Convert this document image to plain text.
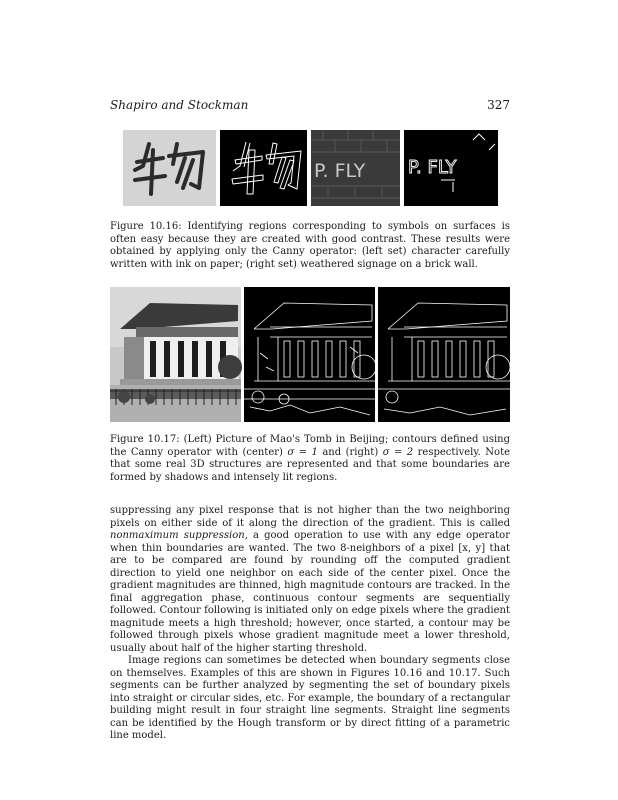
Shapiro and Stockman	327
P. FLY P. FLY
Figure 10.16: Identifying regions corresponding to symbols on surfaces is often easy because they are created with good contrast. These results were obtained by applying only the Canny operator: (left set) character carefully written with ink on paper; (right set) weathered signage on a brick wall.
Figure 10.17: (Left) Picture of Mao's Tomb in Beijing; contours defined using the Canny operator with (center) σ = 1 and (right) σ = 2 respectively. Note that some real 3D structures are represented and that some boundaries are formed by shadows and intensely lit regions.

suppressing any pixel response that is not higher than the two neighboring pixels on either side of it along the direction of the gradient. This is called nonmaximum suppression, a good operation to use with any edge operator when thin boundaries are wanted. The two 8-neighbors of a pixel [x, y] that are to be compared are found by rounding off the computed gradient direction to yield one neighbor on each side of the center pixel. Once the gradient magnitudes are thinned, high magnitude contours are tracked. In the final aggregation phase, continuous contour segments are sequentially followed. Contour following is initiated only on edge pixels where the gradient magnitude meets a high threshold; however, once started, a contour may be followed through pixels whose gradient magnitude meet a lower threshold, usually about half of the higher starting threshold.

Image regions can sometimes be detected when boundary segments close on themselves. Examples of this are shown in Figures 10.16 and 10.17. Such segments can be further analyzed by segmenting the set of boundary pixels into straight or circular sides, etc. For example, the boundary of a rectangular building might result in four straight line segments. Straight line segments can be identified by the Hough transform or by direct fitting of a parametric line model.
